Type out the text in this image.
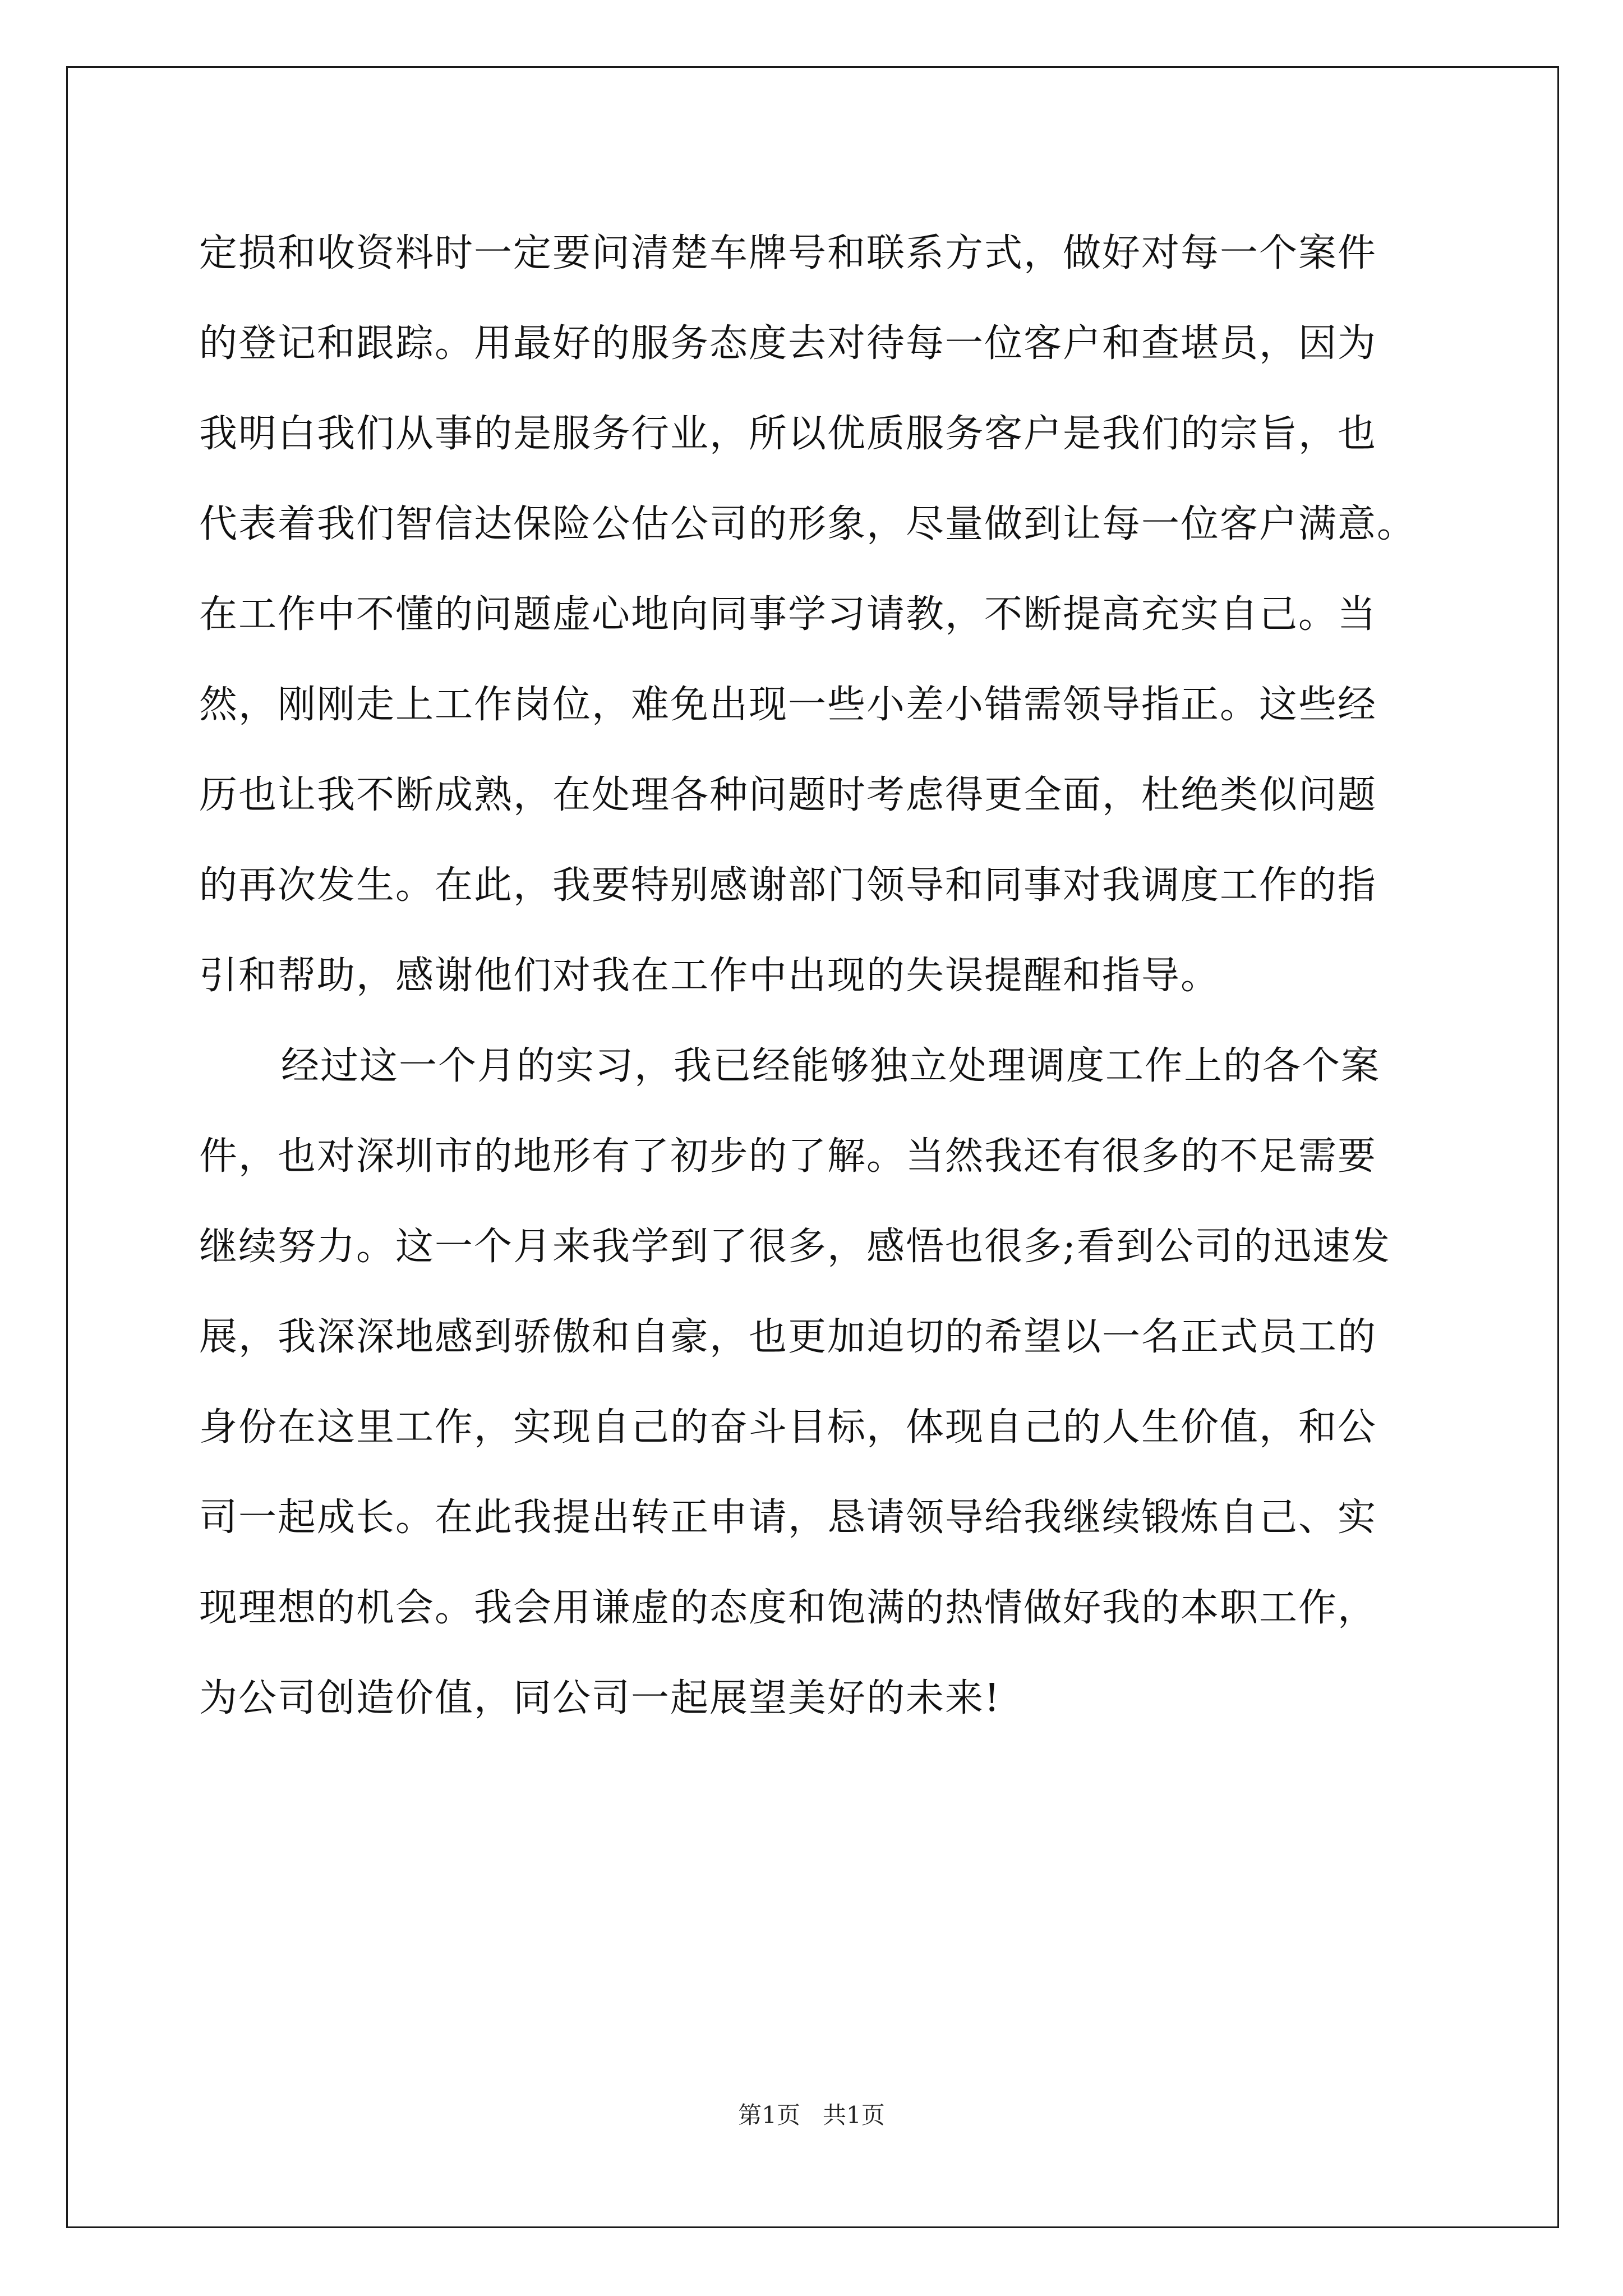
定损和收资料时一定要问清楚车牌号和联系方式，做好对每一个案件
的登记和跟踪。用最好的服务态度去对待每一位客户和查堪员，因为
我明白我们从事的是服务行业，所以优质服务客户是我们的宗旨，也
代表着我们智信达保险公估公司的形象，尽量做到让每一位客户满意。
在工作中不懂的问题虚心地向同事学习请教，不断提高充实自己。当
然，刚刚走上工作岗位，难免出现一些小差小错需领导指正。这些经
历也让我不断成熟，在处理各种问题时考虑得更全面，杜绝类似问题
的再次发生。在此，我要特别感谢部门领导和同事对我调度工作的指
引和帮助，感谢他们对我在工作中出现的失误提醒和指导。
经过这一个月的实习，我已经能够独立处理调度工作上的各个案
件，也对深圳市的地形有了初步的了解。当然我还有很多的不足需要
继续努力。这一个月来我学到了很多，感悟也很多;看到公司的迅速发
展，我深深地感到骄傲和自豪，也更加迫切的希望以一名正式员工的
身份在这里工作，实现自己的奋斗目标，体现自己的人生价值，和公
司一起成长。在此我提出转正申请，恳请领导给我继续锻炼自己、实
现理想的机会。我会用谦虚的态度和饱满的热情做好我的本职工作，
为公司创造价值，同公司一起展望美好的未来!
第1页   共1页
